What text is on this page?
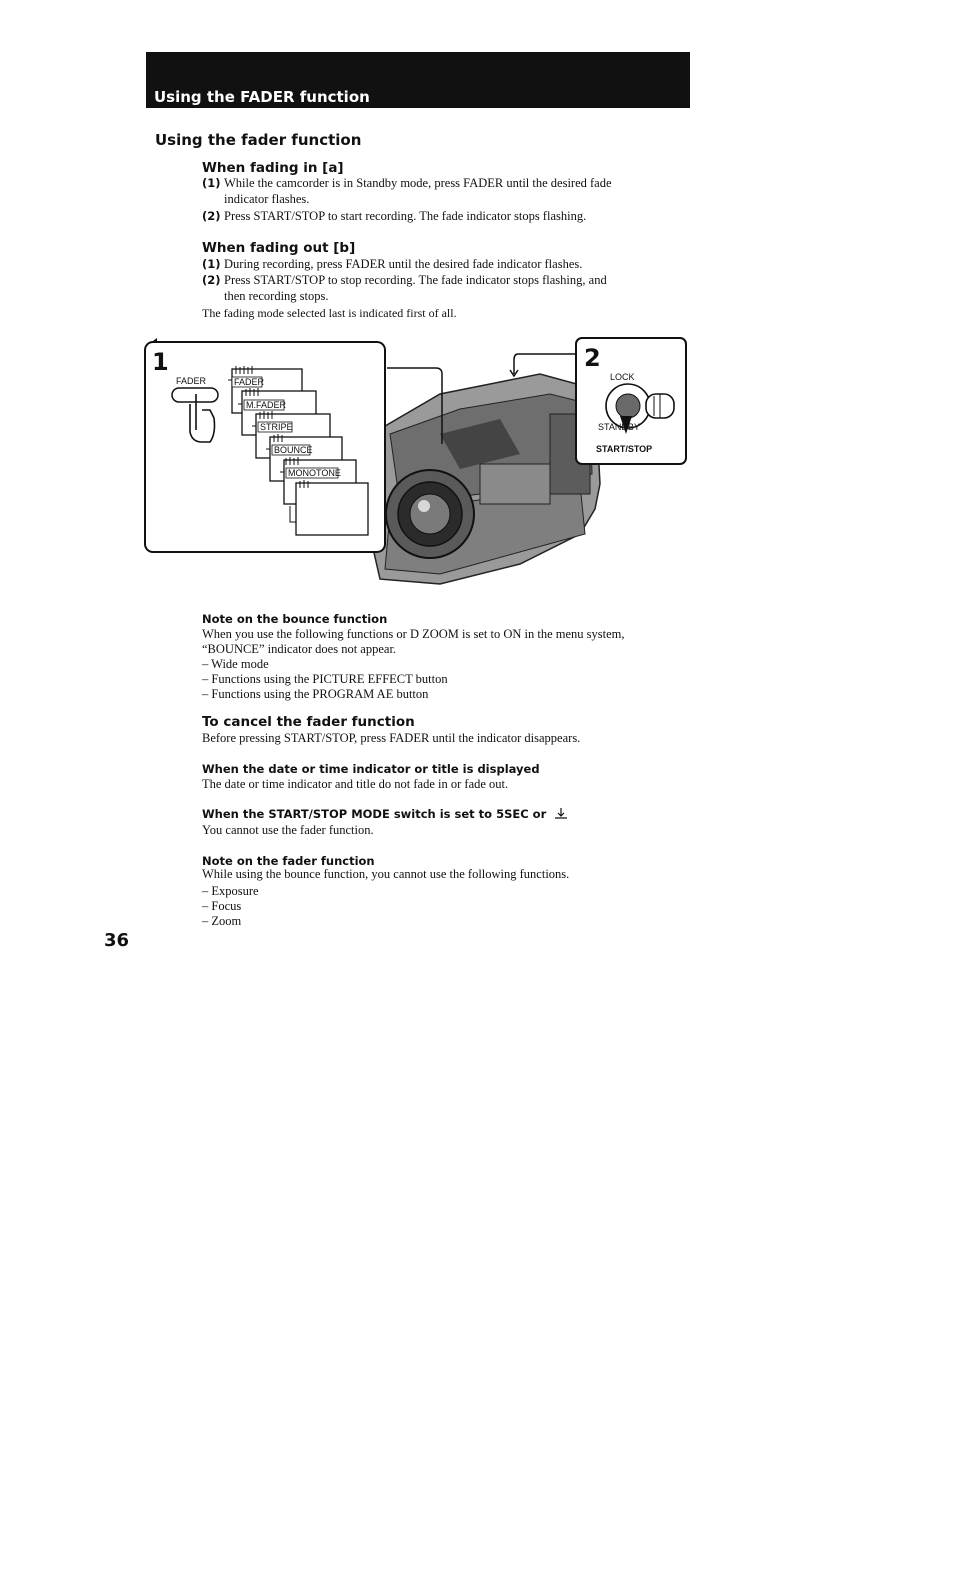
Using the FADER function
Using the fader function
When fading in [a]
(1) While the camcorder is in Standby mode, press FADER until the desired fade
indicator flashes.
(2) Press START/STOP to start recording. The fade indicator stops flashing.
When fading out [b]
(1) During recording, press FADER until the desired fade indicator flashes.
(2) Press START/STOP to stop recording. The fade indicator stops flashing, and
then recording stops.
The fading mode selected last is indicated first of all.
1
FADER	FADER
M.FADER
STRIPE
BOUNCE
MONOTONE
2
LOCK
STANDBY
START/STOP
Note on the bounce function
When you use the following functions or D ZOOM is set to ON in the menu system,
“BOUNCE” indicator does not appear.
– Wide mode
– Functions using the PICTURE EFFECT button
– Functions using the PROGRAM AE button
To cancel the fader function
Before pressing START/STOP, press FADER until the indicator disappears.
When the date or time indicator or title is displayed
The date or time indicator and title do not fade in or fade out.
When the START/STOP MODE switch is set to 5SEC or
You cannot use the fader function.
Note on the fader function
While using the bounce function, you cannot use the following functions.
– Exposure
– Focus
– Zoom
36
